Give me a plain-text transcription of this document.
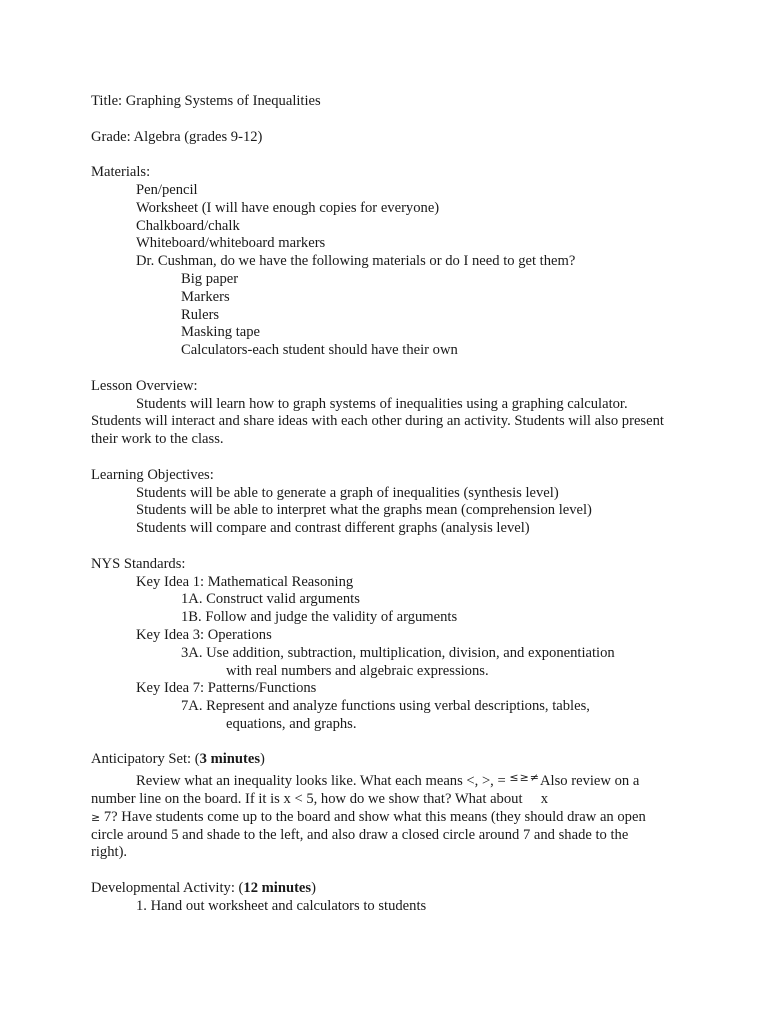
Title: Graphing Systems of Inequalities
Grade: Algebra (grades 9-12)
Materials:
Pen/pencil
Worksheet (I will have enough copies for everyone)
Chalkboard/chalk
Whiteboard/whiteboard markers
Dr. Cushman, do we have the following materials or do I need to get them?
Big paper
Markers
Rulers
Masking tape
Calculators-each student should have their own
Lesson Overview:
Students will learn how to graph systems of inequalities using a graphing calculator. Students will interact and share ideas with each other during an activity. Students will also present their work to the class.
Learning Objectives:
Students will be able to generate a graph of inequalities (synthesis level)
Students will be able to interpret what the graphs mean (comprehension level)
Students will compare and contrast different graphs (analysis level)
NYS Standards:
Key Idea 1: Mathematical Reasoning
1A. Construct valid arguments
1B. Follow and judge the validity of arguments
Key Idea 3: Operations
3A. Use addition, subtraction, multiplication, division, and exponentiation
with real numbers and algebraic expressions.
Key Idea 7: Patterns/Functions
7A. Represent and analyze functions using verbal descriptions, tables,
equations, and graphs.
Anticipatory Set: (3 minutes)
Review what an inequality looks like. What each means <, >, = ≤≥≠Also review on a
number line on the board. If it is x < 5, how do we show that? What about     x
≥ 7? Have students come up to the board and show what this means (they should draw an open
circle around 5 and shade to the left, and also draw a closed circle around 7 and shade to the
right).
Developmental Activity: (12 minutes)
1. Hand out worksheet and calculators to students
